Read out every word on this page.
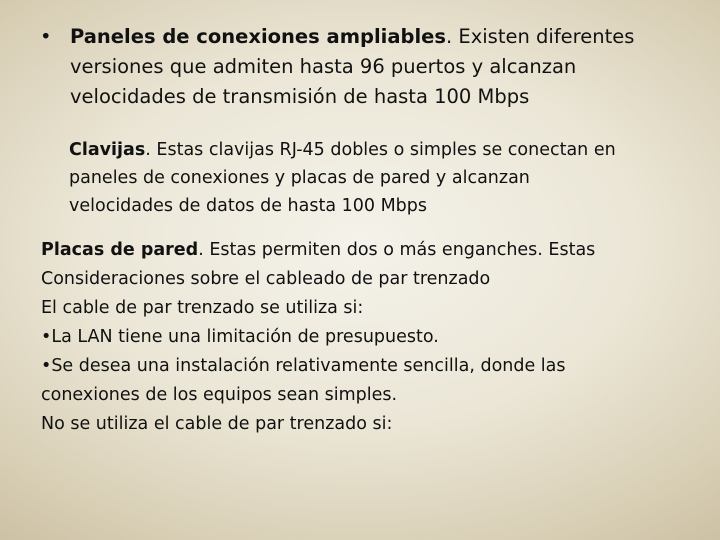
• Paneles de conexiones ampliables. Existen diferentes
versiones que admiten hasta 96 puertos y alcanzan
velocidades de transmisión de hasta 100 Mbps
Clavijas. Estas clavijas RJ-45 dobles o simples se conectan en
paneles de conexiones y placas de pared y alcanzan
velocidades de datos de hasta 100 Mbps
Placas de pared. Estas permiten dos o más enganches. Estas
Consideraciones sobre el cableado de par trenzado
El cable de par trenzado se utiliza si:
•La LAN tiene una limitación de presupuesto.
•Se desea una instalación relativamente sencilla, donde las
conexiones de los equipos sean simples.
No se utiliza el cable de par trenzado si:
